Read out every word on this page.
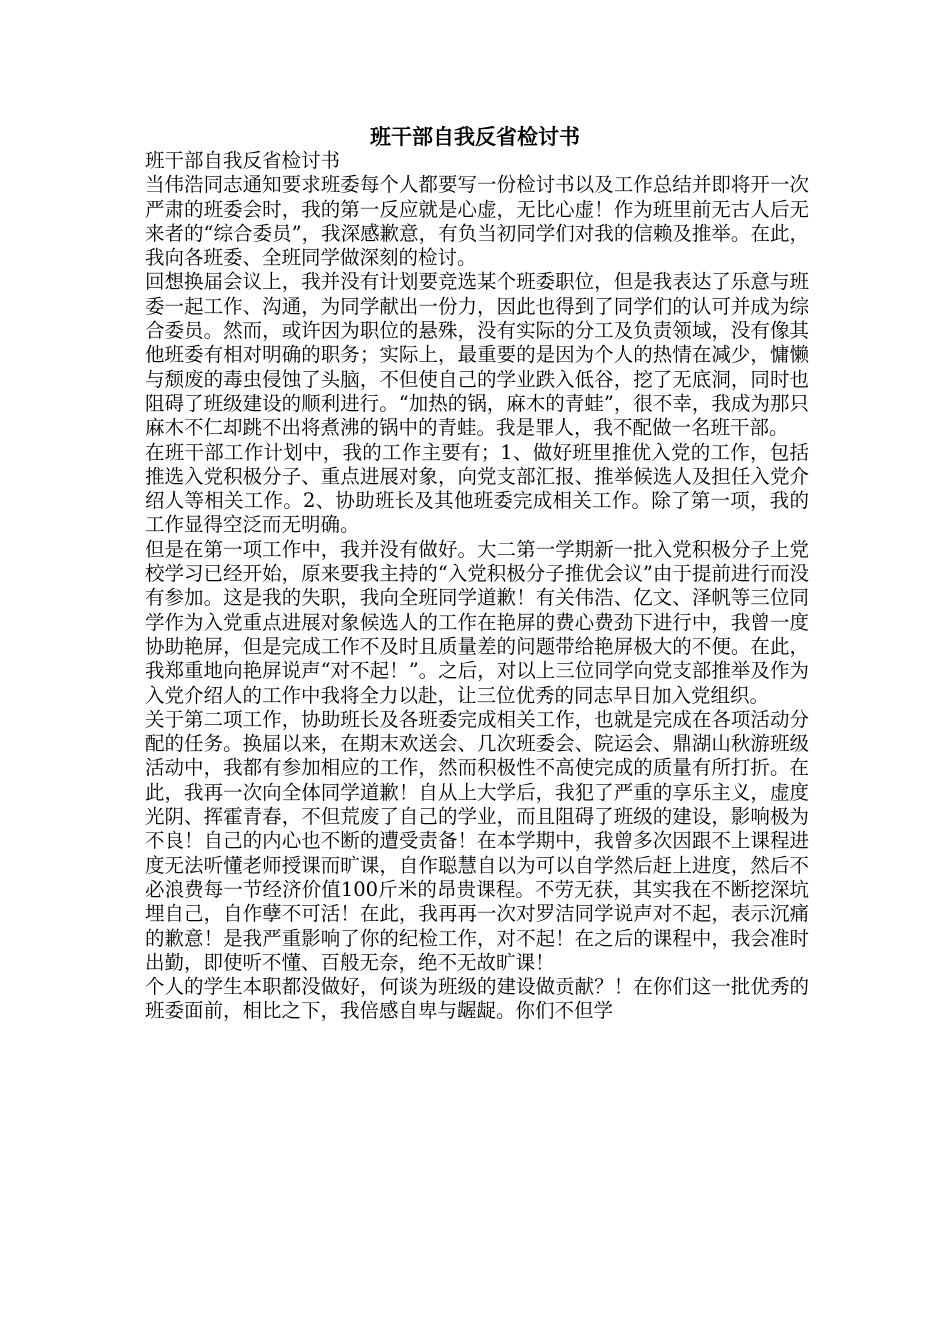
班干部自我反省检讨书

班干部自我反省检讨书

当伟浩同志通知要求班委每个人都要写一份检讨书以及工作总结并即将开一次严肃的班委会时，我的第一反应就是心虚，无比心虚！作为班里前无古人后无来者的“综合委员”，我深感歉意，有负当初同学们对我的信赖及推举。在此，我向各班委、全班同学做深刻的检讨。

回想换届会议上，我并没有计划要竞选某个班委职位，但是我表达了乐意与班委一起工作、沟通，为同学献出一份力，因此也得到了同学们的认可并成为综合委员。然而，或许因为职位的悬殊，没有实际的分工及负责领域，没有像其他班委有相对明确的职务；实际上，最重要的是因为个人的热情在减少，慵懒与颓废的毒虫侵蚀了头脑，不但使自己的学业跌入低谷，挖了无底洞，同时也阻碍了班级建设的顺利进行。“加热的锅，麻木的青蛙”，很不幸，我成为那只麻木不仁却跳不出将煮沸的锅中的青蛙。我是罪人，我不配做一名班干部。

在班干部工作计划中，我的工作主要有；1、做好班里推优入党的工作，包括推选入党积极分子、重点进展对象，向党支部汇报、推举候选人及担任入党介绍人等相关工作。2、协助班长及其他班委完成相关工作。除了第一项，我的工作显得空泛而无明确。

但是在第一项工作中，我并没有做好。大二第一学期新一批入党积极分子上党校学习已经开始，原来要我主持的“入党积极分子推优会议”由于提前进行而没有参加。这是我的失职，我向全班同学道歉！有关伟浩、亿文、泽帆等三位同学作为入党重点进展对象候选人的工作在艳屏的费心费劲下进行中，我曾一度协助艳屏，但是完成工作不及时且质量差的问题带给艳屏极大的不便。在此，我郑重地向艳屏说声“对不起！”。之后，对以上三位同学向党支部推举及作为入党介绍人的工作中我将全力以赴，让三位优秀的同志早日加入党组织。

关于第二项工作，协助班长及各班委完成相关工作，也就是完成在各项活动分配的任务。换届以来，在期末欢送会、几次班委会、院运会、鼎湖山秋游班级活动中，我都有参加相应的工作，然而积极性不高使完成的质量有所打折。在此，我再一次向全体同学道歉！自从上大学后，我犯了严重的享乐主义，虚度光阴、挥霍青春，不但荒废了自己的学业，而且阻碍了班级的建设，影响极为不良！自己的内心也不断的遭受责备！在本学期中，我曾多次因跟不上课程进度无法听懂老师授课而旷课，自作聪慧自以为可以自学然后赶上进度，然后不必浪费每一节经济价值100斤米的昂贵课程。不劳无获，其实我在不断挖深坑埋自己，自作孽不可活！在此，我再再一次对罗洁同学说声对不起，表示沉痛的歉意！是我严重影响了你的纪检工作，对不起！在之后的课程中，我会准时出勤，即使听不懂、百般无奈，绝不无故旷课！

个人的学生本职都没做好，何谈为班级的建设做贡献？！在你们这一批优秀的班委面前，相比之下，我倍感自卑与龌龊。你们不但学
